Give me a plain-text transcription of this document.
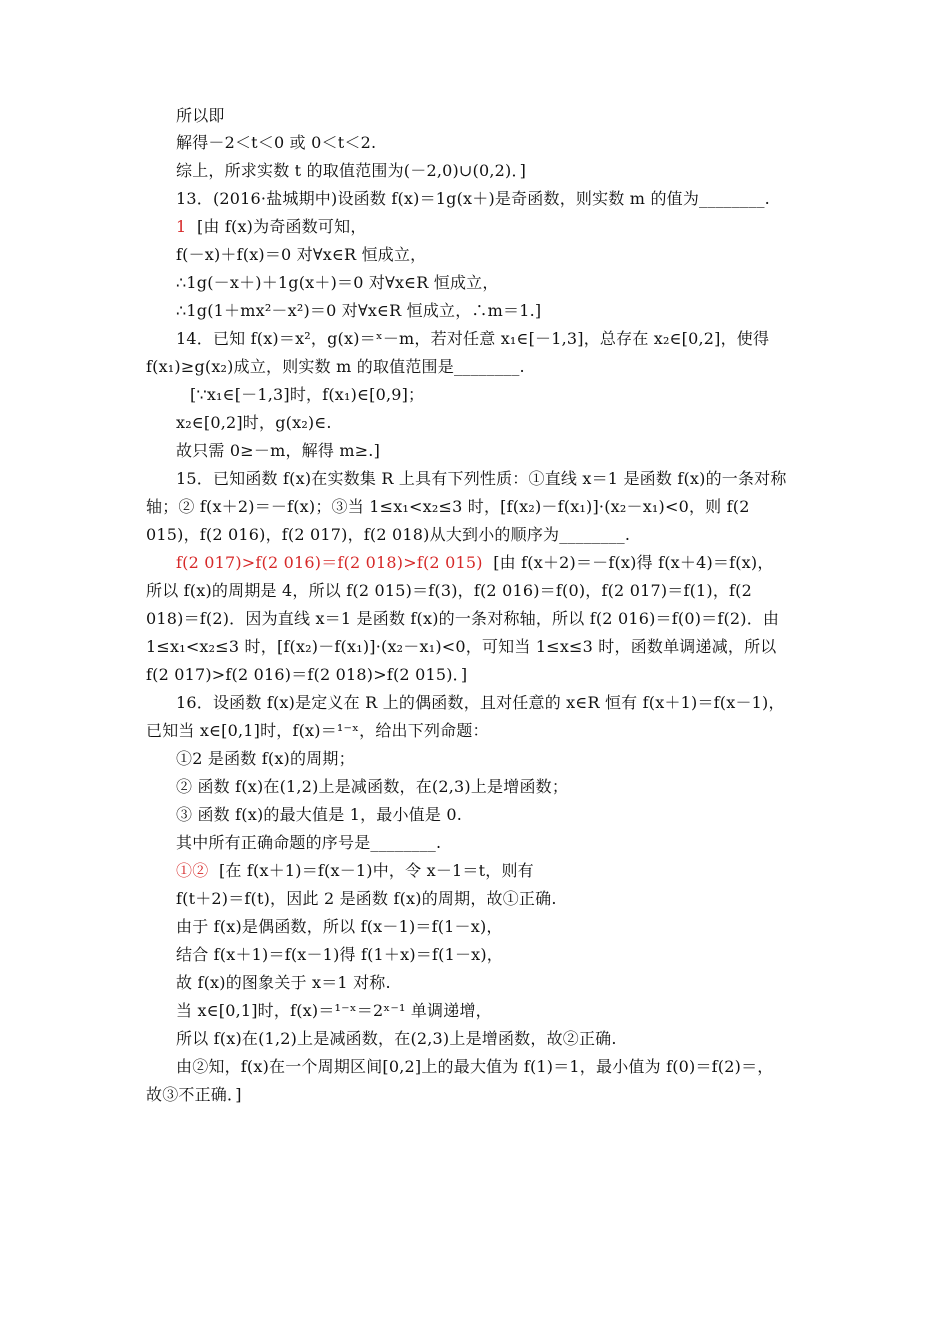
所以即
解得－2＜t＜0 或 0＜t＜2.
综上，所求实数 t 的取值范围为(－2,0)∪(0,2)．]
13．(2016·盐城期中)设函数 f(x)＝1g(x＋)是奇函数，则实数 m 的值为________.
1  [由 f(x)为奇函数可知，
f(－x)＋f(x)＝0 对∀x∈R 恒成立，
∴1g(－x＋)＋1g(x＋)＝0 对∀x∈R 恒成立，
∴1g(1＋mx²－x²)＝0 对∀x∈R 恒成立，∴m＝1.]
14．已知 f(x)＝x²，g(x)＝ˣ－m，若对任意 x₁∈[－1,3]，总存在 x₂∈[0,2]，使得
f(x₁)≥g(x₂)成立，则实数 m 的取值范围是________.
[∵x₁∈[－1,3]时，f(x₁)∈[0,9]；
x₂∈[0,2]时，g(x₂)∈.
故只需 0≥－m，解得 m≥.]
15．已知函数 f(x)在实数集 R 上具有下列性质：①直线 x＝1 是函数 f(x)的一条对称
轴；② f(x＋2)＝－f(x)；③当 1≤x₁<x₂≤3 时，[f(x₂)－f(x₁)]·(x₂－x₁)<0，则 f(2
015)，f(2 016)，f(2 017)，f(2 018)从大到小的顺序为________.
f(2 017)>f(2 016)＝f(2 018)>f(2 015)  [由 f(x＋2)＝－f(x)得 f(x＋4)＝f(x)，
所以 f(x)的周期是 4，所以 f(2 015)＝f(3)，f(2 016)＝f(0)，f(2 017)＝f(1)，f(2
018)＝f(2)．因为直线 x＝1 是函数 f(x)的一条对称轴，所以 f(2 016)＝f(0)＝f(2)．由
1≤x₁<x₂≤3 时，[f(x₂)－f(x₁)]·(x₂－x₁)<0，可知当 1≤x≤3 时，函数单调递减，所以
f(2 017)>f(2 016)＝f(2 018)>f(2 015)．]
16．设函数 f(x)是定义在 R 上的偶函数，且对任意的 x∈R 恒有 f(x＋1)＝f(x－1)，
已知当 x∈[0,1]时，f(x)＝¹⁻ˣ，给出下列命题：
①2 是函数 f(x)的周期；
② 函数 f(x)在(1,2)上是减函数，在(2,3)上是增函数；
③ 函数 f(x)的最大值是 1，最小值是 0.
其中所有正确命题的序号是________.
①②  [在 f(x＋1)＝f(x－1)中，令 x－1＝t，则有
f(t＋2)＝f(t)，因此 2 是函数 f(x)的周期，故①正确.
由于 f(x)是偶函数，所以 f(x－1)＝f(1－x)，
结合 f(x＋1)＝f(x－1)得 f(1＋x)＝f(1－x)，
故 f(x)的图象关于 x＝1 对称.
当 x∈[0,1]时，f(x)＝¹⁻ˣ＝2ˣ⁻¹ 单调递增，
所以 f(x)在(1,2)上是减函数，在(2,3)上是增函数，故②正确.
由②知，f(x)在一个周期区间[0,2]上的最大值为 f(1)＝1，最小值为 f(0)＝f(2)＝，
故③不正确．]
